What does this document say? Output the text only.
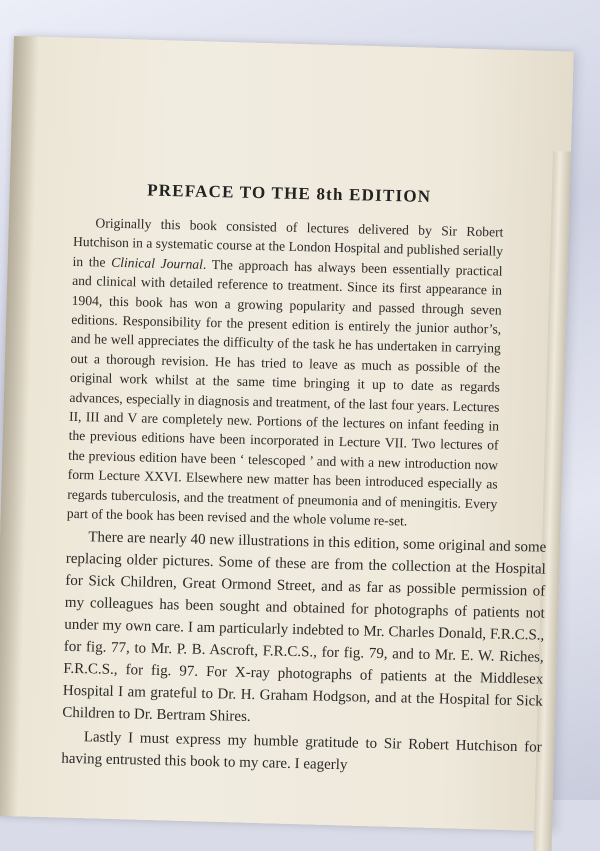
PREFACE TO THE 8th EDITION

Originally this book consisted of lectures delivered by Sir Robert Hutchison in a systematic course at the London Hospital and published serially in the Clinical Journal. The approach has always been essentially practical and clinical with detailed reference to treatment. Since its first appearance in 1904, this book has won a growing popularity and passed through seven editions. Responsibility for the present edition is entirely the junior author’s, and he well appreciates the difficulty of the task he has undertaken in carrying out a thorough revision. He has tried to leave as much as possible of the original work whilst at the same time bringing it up to date as regards advances, especially in diagnosis and treatment, of the last four years. Lectures II, III and V are completely new. Portions of the lectures on infant feeding in the previous editions have been incorporated in Lecture VII. Two lectures of the previous edition have been ‘ telescoped ’ and with a new introduction now form Lecture XXVI. Elsewhere new matter has been introduced especially as regards tuberculosis, and the treatment of pneumonia and of meningitis. Every part of the book has been revised and the whole volume re-set.

There are nearly 40 new illustrations in this edition, some original and some replacing older pictures. Some of these are from the collection at the Hospital for Sick Children, Great Ormond Street, and as far as possible permission of my colleagues has been sought and obtained for photographs of patients not under my own care. I am particularly indebted to Mr. Charles Donald, F.R.C.S., for fig. 77, to Mr. P. B. Ascroft, F.R.C.S., for fig. 79, and to Mr. E. W. Riches, F.R.C.S., for fig. 97. For X-ray photographs of patients at the Middlesex Hospital I am grateful to Dr. H. Graham Hodgson, and at the Hospital for Sick Children to Dr. Bertram Shires.

Lastly I must express my humble gratitude to Sir Robert Hutchison for having entrusted this book to my care. I eagerly
